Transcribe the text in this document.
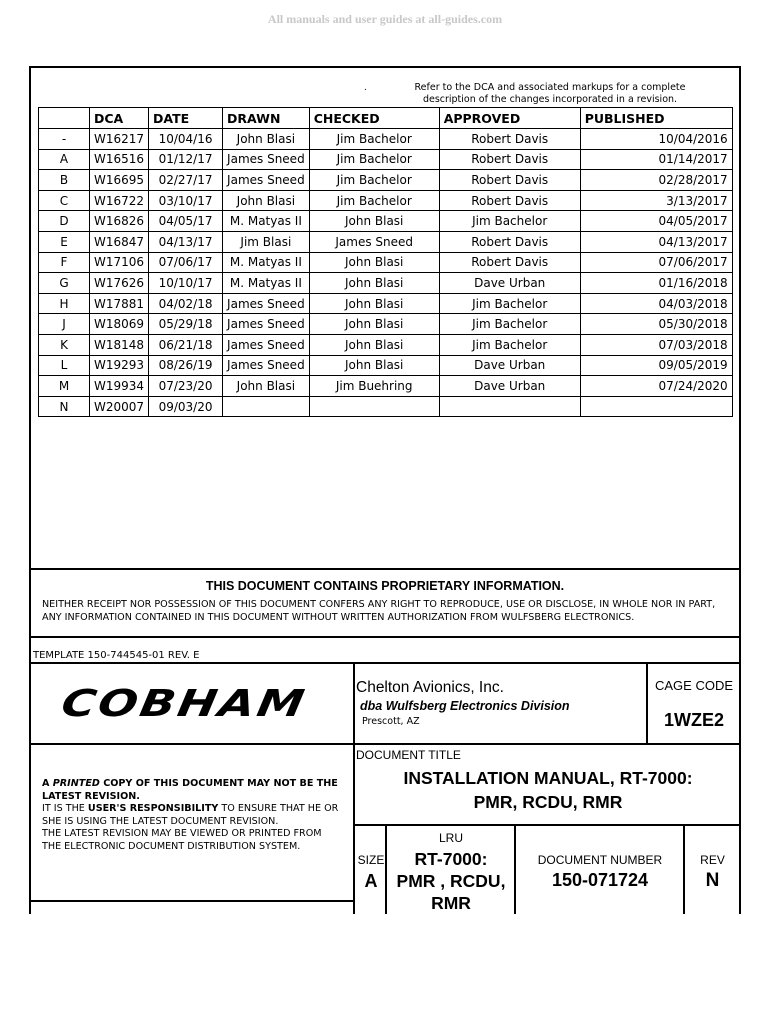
All manuals and user guides at all-guides.com
.	Refer to the DCA and associated markups for a complete description of the changes incorporated in a revision.
	DCA	DATE	DRAWN	CHECKED	APPROVED	PUBLISHED
-	W16217	10/04/16	John Blasi	Jim Bachelor	Robert Davis	10/04/2016
A	W16516	01/12/17	James Sneed	Jim Bachelor	Robert Davis	01/14/2017
B	W16695	02/27/17	James Sneed	Jim Bachelor	Robert Davis	02/28/2017
C	W16722	03/10/17	John Blasi	Jim Bachelor	Robert Davis	3/13/2017
D	W16826	04/05/17	M. Matyas II	John Blasi	Jim Bachelor	04/05/2017
E	W16847	04/13/17	Jim Blasi	James Sneed	Robert Davis	04/13/2017
F	W17106	07/06/17	M. Matyas II	John Blasi	Robert Davis	07/06/2017
G	W17626	10/10/17	M. Matyas II	John Blasi	Dave Urban	01/16/2018
H	W17881	04/02/18	James Sneed	John Blasi	Jim Bachelor	04/03/2018
J	W18069	05/29/18	James Sneed	John Blasi	Jim Bachelor	05/30/2018
K	W18148	06/21/18	James Sneed	John Blasi	Jim Bachelor	07/03/2018
L	W19293	08/26/19	James Sneed	John Blasi	Dave Urban	09/05/2019
M	W19934	07/23/20	John Blasi	Jim Buehring	Dave Urban	07/24/2020
N	W20007	09/03/20				
THIS DOCUMENT CONTAINS PROPRIETARY INFORMATION.
NEITHER RECEIPT NOR POSSESSION OF THIS DOCUMENT CONFERS ANY RIGHT TO REPRODUCE, USE OR DISCLOSE, IN WHOLE NOR IN PART, ANY INFORMATION CONTAINED IN THIS DOCUMENT WITHOUT WRITTEN AUTHORIZATION FROM WULFSBERG ELECTRONICS.
TEMPLATE 150-744545-01 REV. E
COBHAM	Chelton Avionics, Inc.
dba Wulfsberg Electronics Division
Prescott, AZ
CAGE CODE
1WZE2
DOCUMENT TITLE
INSTALLATION MANUAL, RT-7000:
PMR, RCDU, RMR
A PRINTED COPY OF THIS DOCUMENT MAY NOT BE THE LATEST REVISION.
IT IS THE USER'S RESPONSIBILITY TO ENSURE THAT HE OR SHE IS USING THE LATEST DOCUMENT REVISION.
THE LATEST REVISION MAY BE VIEWED OR PRINTED FROM THE ELECTRONIC DOCUMENT DISTRIBUTION SYSTEM.
SIZE
A
LRU
RT-7000:
PMR , RCDU,
RMR
DOCUMENT NUMBER
150-071724
REV
N
